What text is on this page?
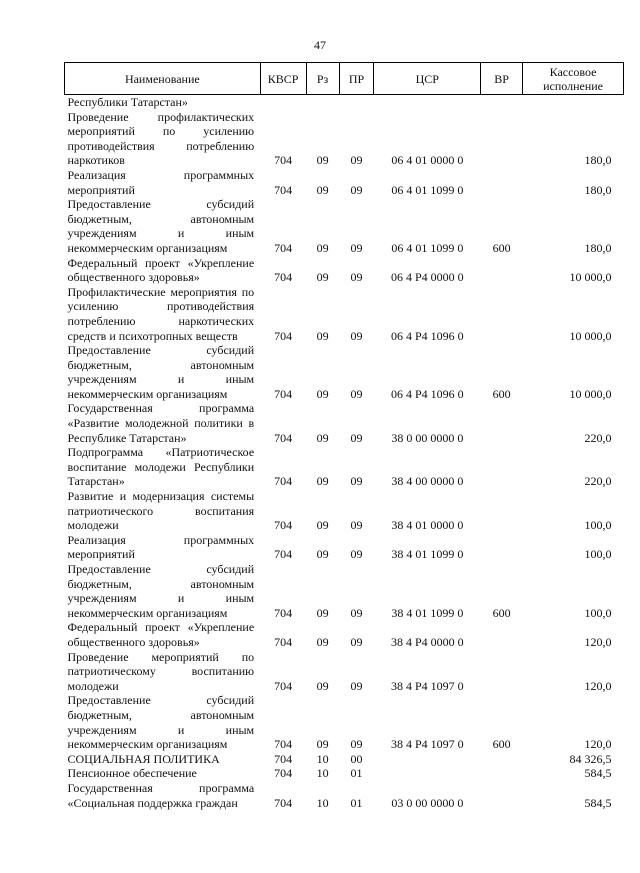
47
Наименование	КВСР	Рз	ПР	ЦСР	ВР	Кассовое исполнение
Республики Татарстан»						
Проведение профилактических мероприятий по усилению противодействия потреблению наркотиков	704	09	09	06 4 01 0000 0		180,0
Реализация программных мероприятий	704	09	09	06 4 01 1099 0		180,0
Предоставление субсидий бюджетным, автономным учреждениям и иным некоммерческим организациям	704	09	09	06 4 01 1099 0	600	180,0
Федеральный проект «Укрепление общественного здоровья»	704	09	09	06 4 P4 0000 0		10 000,0
Профилактические мероприятия по усилению противодействия потреблению наркотических средств и психотропных веществ	704	09	09	06 4 P4 1096 0		10 000,0
Предоставление субсидий бюджетным, автономным учреждениям и иным некоммерческим организациям	704	09	09	06 4 P4 1096 0	600	10 000,0
Государственная программа «Развитие молодежной политики в Республике Татарстан»	704	09	09	38 0 00 0000 0		220,0
Подпрограмма «Патриотическое воспитание молодежи Республики Татарстан»	704	09	09	38 4 00 0000 0		220,0
Развитие и модернизация системы патриотического воспитания молодежи	704	09	09	38 4 01 0000 0		100,0
Реализация программных мероприятий	704	09	09	38 4 01 1099 0		100,0
Предоставление субсидий бюджетным, автономным учреждениям и иным некоммерческим организациям	704	09	09	38 4 01 1099 0	600	100,0
Федеральный проект «Укрепление общественного здоровья»	704	09	09	38 4 P4 0000 0		120,0
Проведение мероприятий по патриотическому воспитанию молодежи	704	09	09	38 4 P4 1097 0		120,0
Предоставление субсидий бюджетным, автономным учреждениям и иным некоммерческим организациям	704	09	09	38 4 P4 1097 0	600	120,0
СОЦИАЛЬНАЯ ПОЛИТИКА	704	10	00			84 326,5
Пенсионное обеспечение	704	10	01			584,5
Государственная программа «Социальная поддержка граждан	704	10	01	03 0 00 0000 0		584,5
